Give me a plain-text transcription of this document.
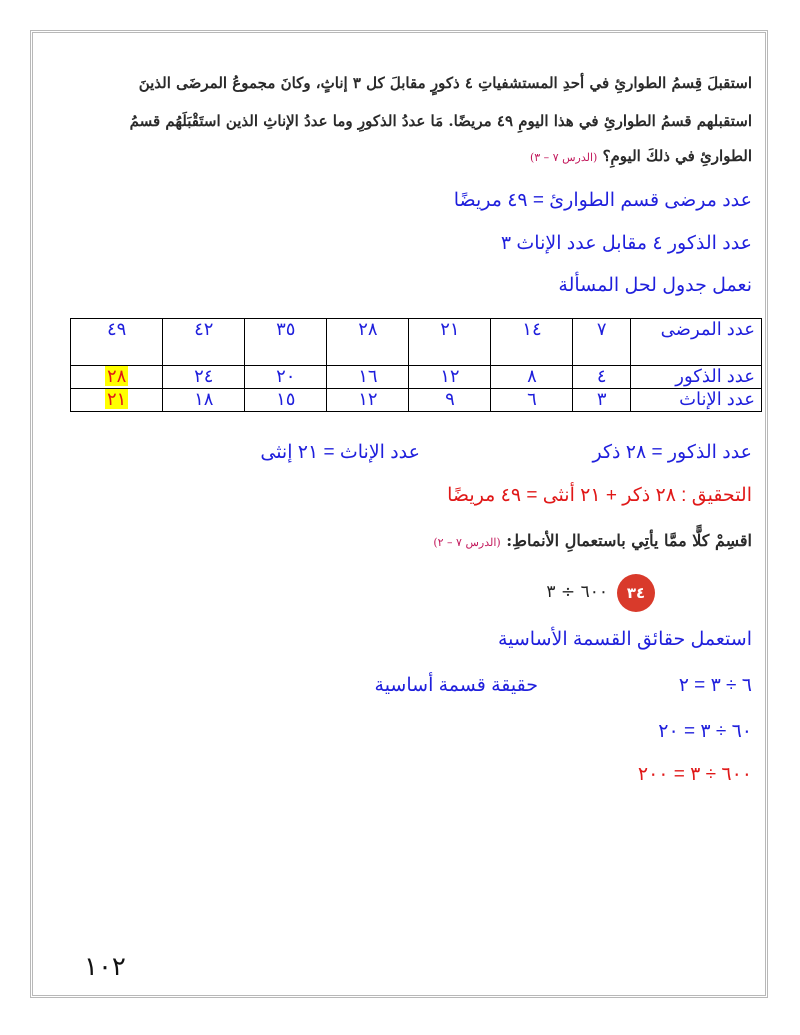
استقبلَ قِسمُ الطوارئِ في أحدِ المستشفياتِ ٤ ذكورٍ مقابلَ كل ٣ إناثٍ، وكانَ مجموعُ المرضَى الذينَ
استقبلهم قسمُ الطوارئِ في هذا اليومِ ٤٩ مريضًا. مَا عددُ الذكورِ وما عددُ الإناثِ الذين استَقْبَلَهُم قسمُ
الطوارئِ في ذلكَ اليومِ؟ (الدرس ٧ – ٣)
عدد مرضى قسم الطوارئ = ٤٩ مريضًا
عدد الذكور ٤ مقابل عدد الإناث ٣
نعمل جدول لحل المسألة
عدد المرضى	٧	١٤	٢١	٢٨	٣٥	٤٢	٤٩
عدد الذكور	٤	٨	١٢	١٦	٢٠	٢٤	٢٨
عدد الإناث	٣	٦	٩	١٢	١٥	١٨	٢١
عدد الذكور = ٢٨ ذكر
عدد الإناث = ٢١ إنثى
التحقيق : ٢٨ ذكر + ٢١ أنثى = ٤٩ مريضًا
اقسِمْ كلًّا ممَّا يأتِي باستعمالِ الأنماطِ: (الدرس ٧ – ٢)
٣٤
٦٠٠ ÷ ٣
استعمل حقائق القسمة الأساسية
٦ ÷ ٣ = ٢
حقيقة قسمة أساسية
٦٠ ÷ ٣ = ٢٠
٦٠٠ ÷ ٣ = ٢٠٠
١٠٢
